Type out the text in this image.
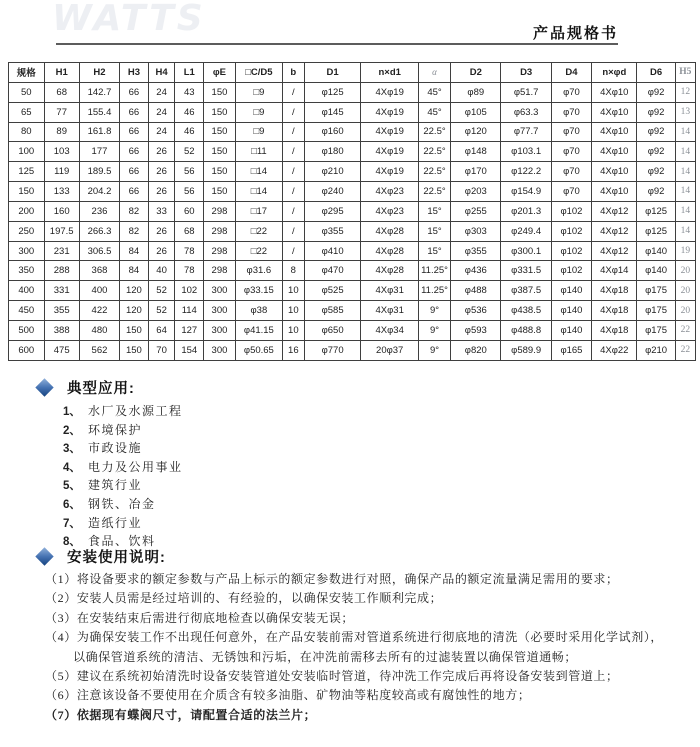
WATTS	产品规格书
规格	H1	H2	H3	H4	L1	φE	□C/D5	b	D1	n×d1	α	D2	D3	D4	n×φd	D6	H5
50	68	142.7	66	24	43	150	□9	/	φ125	4Xφ19	45°	φ89	φ51.7	φ70	4Xφ10	φ92	12
65	77	155.4	66	24	46	150	□9	/	φ145	4Xφ19	45°	φ105	φ63.3	φ70	4Xφ10	φ92	13
80	89	161.8	66	24	46	150	□9	/	φ160	4Xφ19	22.5°	φ120	φ77.7	φ70	4Xφ10	φ92	14
100	103	177	66	26	52	150	□11	/	φ180	4Xφ19	22.5°	φ148	φ103.1	φ70	4Xφ10	φ92	14
125	119	189.5	66	26	56	150	□14	/	φ210	4Xφ19	22.5°	φ170	φ122.2	φ70	4Xφ10	φ92	14
150	133	204.2	66	26	56	150	□14	/	φ240	4Xφ23	22.5°	φ203	φ154.9	φ70	4Xφ10	φ92	14
200	160	236	82	33	60	298	□17	/	φ295	4Xφ23	15°	φ255	φ201.3	φ102	4Xφ12	φ125	14
250	197.5	266.3	82	26	68	298	□22	/	φ355	4Xφ28	15°	φ303	φ249.4	φ102	4Xφ12	φ125	14
300	231	306.5	84	26	78	298	□22	/	φ410	4Xφ28	15°	φ355	φ300.1	φ102	4Xφ12	φ140	19
350	288	368	84	40	78	298	φ31.6	8	φ470	4Xφ28	11.25°	φ436	φ331.5	φ102	4Xφ14	φ140	20
400	331	400	120	52	102	300	φ33.15	10	φ525	4Xφ31	11.25°	φ488	φ387.5	φ140	4Xφ18	φ175	20
450	355	422	120	52	114	300	φ38	10	φ585	4Xφ31	9°	φ536	φ438.5	φ140	4Xφ18	φ175	20
500	388	480	150	64	127	300	φ41.15	10	φ650	4Xφ34	9°	φ593	φ488.8	φ140	4Xφ18	φ175	22
600	475	562	150	70	154	300	φ50.65	16	φ770	20φ37	9°	φ820	φ589.9	φ165	4Xφ22	φ210	22
典型应用:
1、 水厂及水源工程
2、 环境保护
3、 市政设施
4、 电力及公用事业
5、 建筑行业
6、 钢铁、冶金
7、 造纸行业
8、 食品、饮料
安装使用说明:
（1） 将设备要求的额定参数与产品上标示的额定参数进行对照，确保产品的额定流量满足需用的要求；
（2） 安装人员需是经过培训的、有经验的，以确保安装工作顺利完成；
（3） 在安装结束后需进行彻底地检查以确保安装无误；
（4） 为确保安装工作不出现任何意外，在产品安装前需对管道系统进行彻底地的清洗（必要时采用化学试剂），
以确保管道系统的清洁、无锈蚀和污垢，在冲洗前需移去所有的过滤装置以确保管道通畅；
（5） 建议在系统初始清洗时设备安装管道处安装临时管道，待冲洗工作完成后再将设备安装到管道上；
（6） 注意该设备不要使用在介质含有较多油脂、矿物油等粘度较高或有腐蚀性的地方；
（7） 依据现有蝶阀尺寸，请配置合适的法兰片；
